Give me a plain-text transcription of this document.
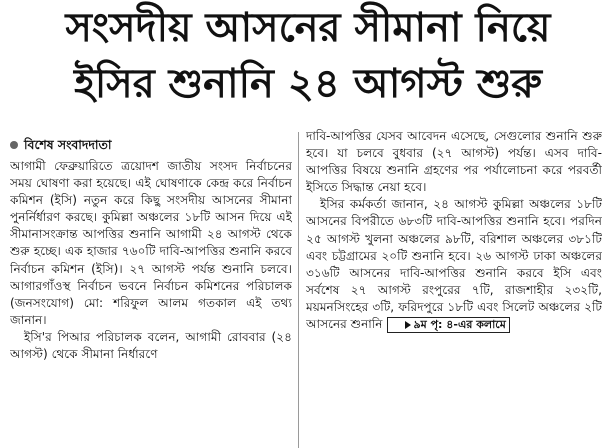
সংসদীয় আসনের সীমানা নিয়ে
ইসির শুনানি ২৪ আগস্ট শুরু
বিশেষ সংবাদদাতা

আগামী ফেব্রুয়ারিতে ত্রয়োদশ জাতীয় সংসদ নির্বাচনের সময় ঘোষণা করা হয়েছে। এই ঘোষণাকে কেন্দ্র করে নির্বাচন কমিশন (ইসি) নতুন করে কিছু সংসদীয় আসনের সীমানা পুনর্নির্ধারণ করছে। কুমিল্লা অঞ্চলের ১৮টি আসন দিয়ে এই সীমানাসংক্রান্ত আপত্তির শুনানি আগামী ২৪ আগস্ট থেকে শুরু হচ্ছে। এক হাজার ৭৬০টি দাবি-আপত্তির শুনানি করবে নির্বাচন কমিশন (ইসি)। ২৭ আগস্ট পর্যন্ত শুনানি চলবে। আগারগাঁওস্থ নির্বাচন ভবনে নির্বাচন কমিশনের পরিচালক (জনসংযোগ) মো: শরিফুল আলম গতকাল এই তথ্য জানান।

ইসি'র পিআর পরিচালক বলেন, আগামী রোববার (২৪ আগস্ট) থেকে সীমানা নির্ধারণে

দাবি-আপত্তির যেসব আবেদন এসেছে, সেগুলোর শুনানি শুরু হবে। যা চলবে বুধবার (২৭ আগস্ট) পর্যন্ত। এসব দাবি-আপত্তির বিষয়ে শুনানি গ্রহণের পর পর্যালোচনা করে পরবর্তী ইসিতে সিদ্ধান্ত নেয়া হবে।

ইসির কর্মকর্তা জানান, ২৪ আগস্ট কুমিল্লা অঞ্চলের ১৮টি আসনের বিপরীতে ৬৮৩টি দাবি-আপত্তির শুনানি হবে। পরদিন ২৫ আগস্ট খুলনা অঞ্চলের ৯৮টি, বরিশাল অঞ্চলের ৩৮১টি এবং চট্টগ্রামের ২০টি শুনানি হবে। ২৬ আগস্ট ঢাকা অঞ্চলের ৩১৬টি আসনের দাবি-আপত্তির শুনানি করবে ইসি এবং সর্বশেষ ২৭ আগস্ট রংপুরের ৭টি, রাজশাহীর ২৩২টি, ময়মনসিংহের ৩টি, ফরিদপুরে ১৮টি এবং সিলেট অঞ্চলের ২টি আসনের শুনানি	৯ম পৃ: ৪-এর কলামে
